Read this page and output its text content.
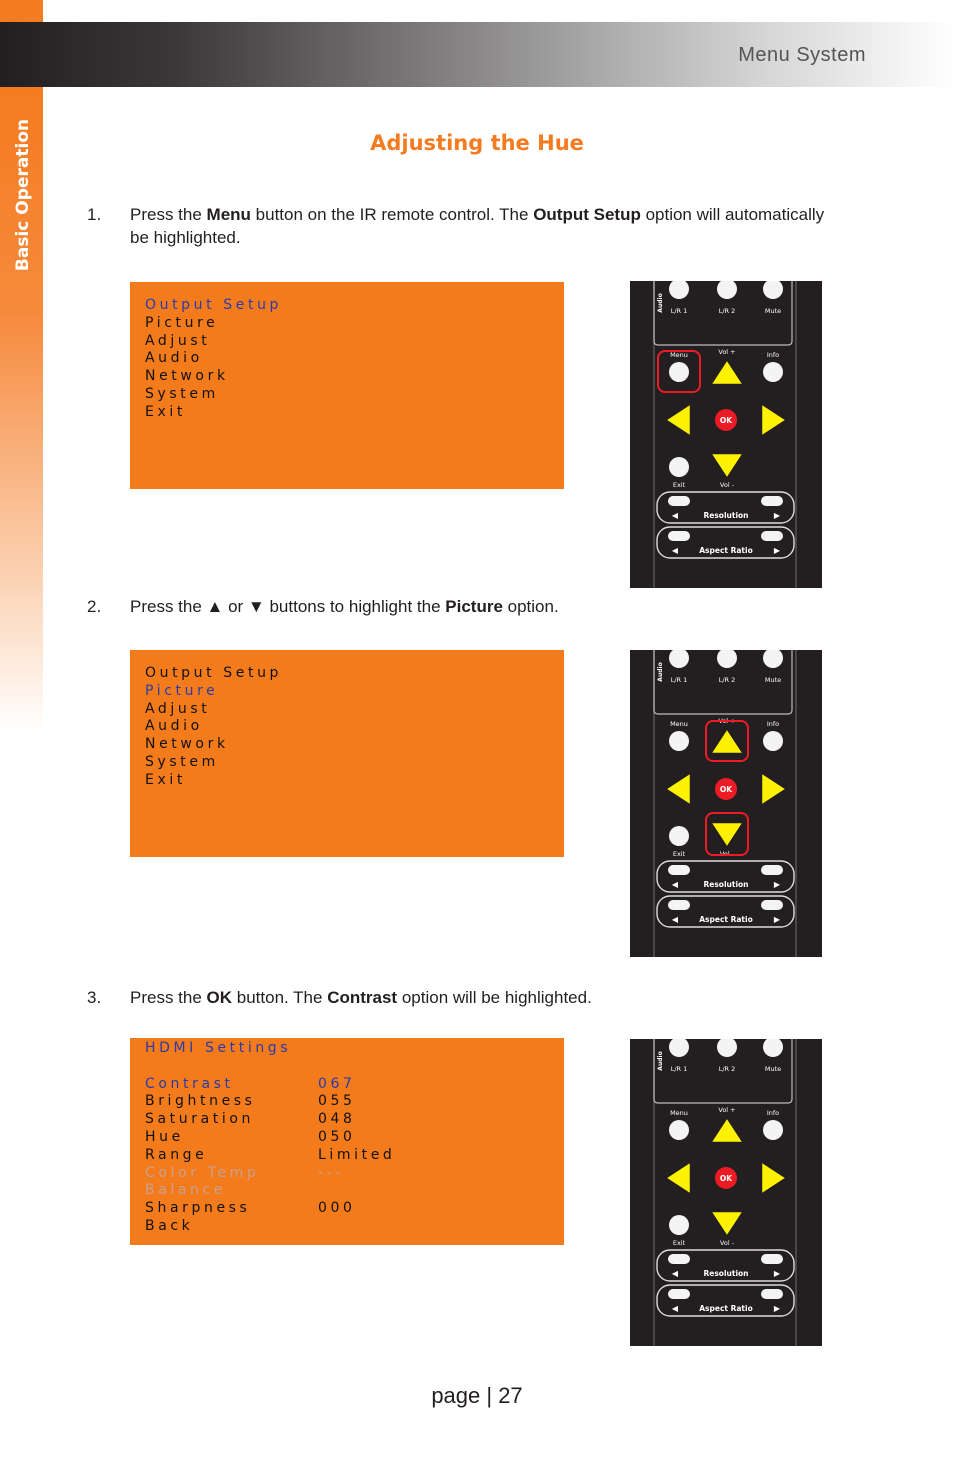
Menu System
Basic Operation	Adjusting the Hue
1. Press the Menu button on the IR remote control. The Output Setup option will automatically be highlighted.
2. Press the ▲ or ▼ buttons to highlight the Picture option.
3. Press the OK button. The Contrast option will be highlighted.
Output Setup
Picture
Adjust
Audio
Network
System
Exit
Output Setup
Picture
Adjust
Audio
Network
System
Exit
HDMI Settings
Contrast	067
Brightness	055
Saturation	048
Hue	050
Range	Limited
Color Temp	---
Balance
Sharpness	000
Back
Audio L/R 1	L/R 2	Mute
Menu	Vol +	Info
OK
Exit	Vol -
◀	▶
Resolution
◀	▶
Aspect Ratio
Audio L/R 1	L/R 2	Mute
Menu	Vol +	Info
OK
Exit	Vol -
◀	▶
Resolution
◀	▶
Aspect Ratio
Audio L/R 1	L/R 2	Mute
Menu	Vol +	Info
OK
Exit	Vol -
◀	▶
Resolution
◀	▶
Aspect Ratio
page | 27
